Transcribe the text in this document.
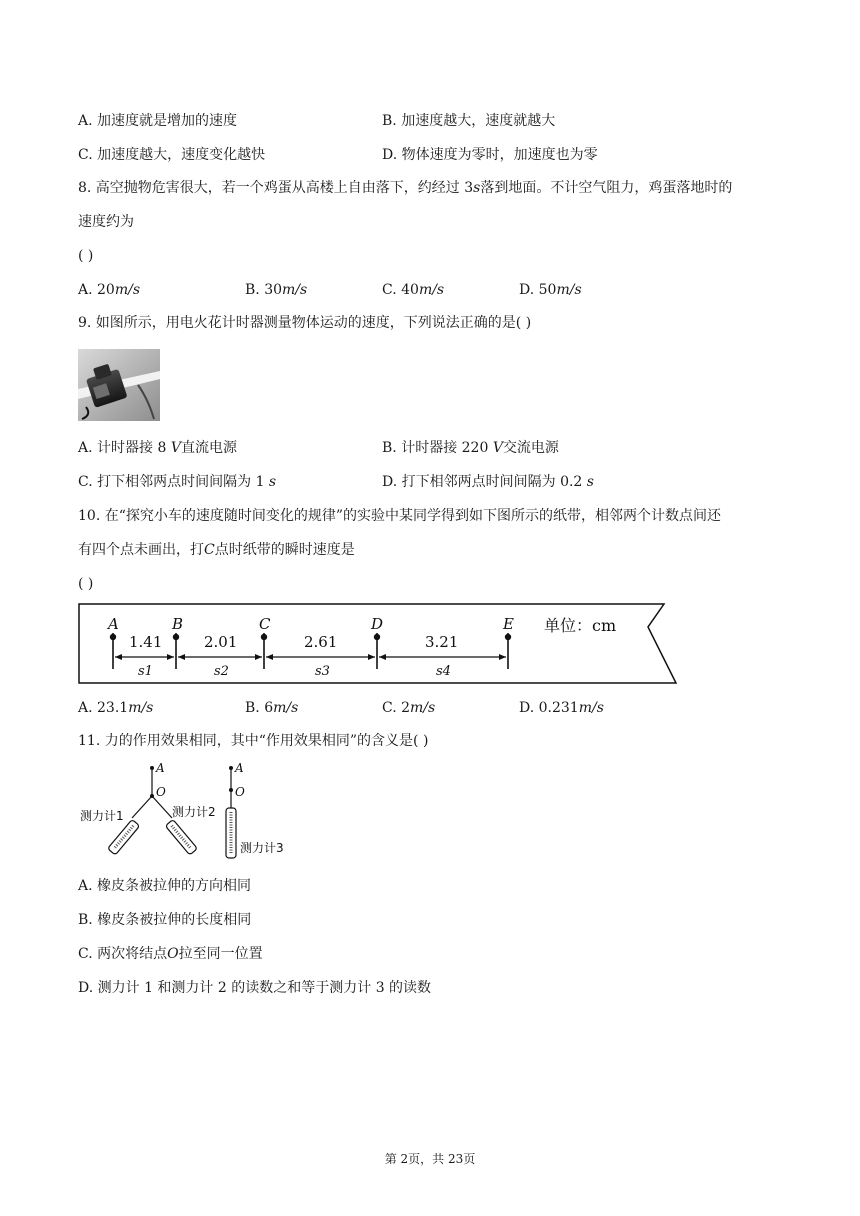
A. 加速度就是增加的速度	B. 加速度越大，速度就越大
C. 加速度越大，速度变化越快	D. 物体速度为零时，加速度也为零
8. 高空抛物危害很大，若一个鸡蛋从高楼上自由落下，约经过 3s落到地面。不计空气阻力，鸡蛋落地时的
速度约为
( )
A. 20m/s	B. 30m/s	C. 40m/s	D. 50m/s
9. 如图所示，用电火花计时器测量物体运动的速度，下列说法正确的是( )
A. 计时器接 8 V直流电源	B. 计时器接 220 V交流电源
C. 打下相邻两点时间间隔为 1 s	D. 打下相邻两点时间间隔为 0.2 s
10. 在“探究小车的速度随时间变化的规律”的实验中某同学得到如下图所示的纸带，相邻两个计数点间还
有四个点未画出，打C点时纸带的瞬时速度是
( )
A	B	C	D	E
1.41	2.01	2.61	3.21
s1	s2	s3	s4
单位：cm
A. 23.1m/s	B. 6m/s	C. 2m/s	D. 0.231m/s
11. 力的作用效果相同，其中“作用效果相同”的含义是( )
A
O
测力计1	测力计2
A
O
测力计3
A. 橡皮条被拉伸的方向相同
B. 橡皮条被拉伸的长度相同
C. 两次将结点O拉至同一位置
D. 测力计 1 和测力计 2 的读数之和等于测力计 3 的读数
第 2页，共 23页
